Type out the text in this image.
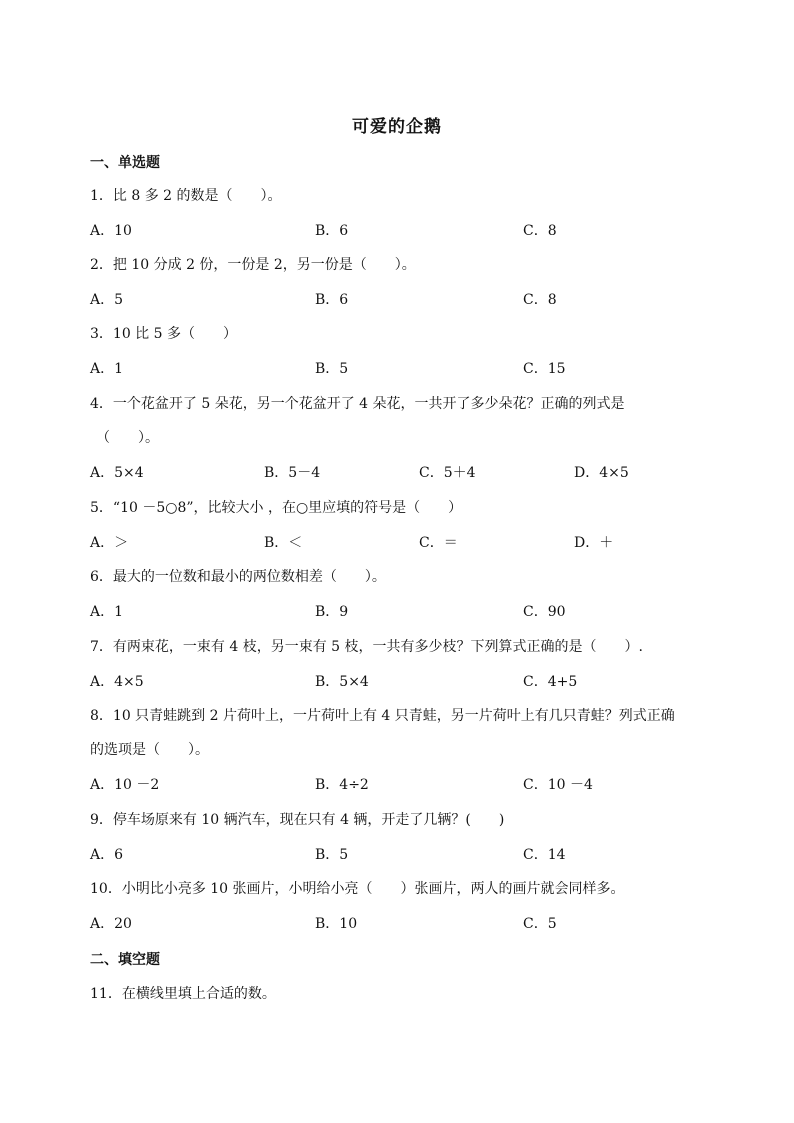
可爱的企鹅
一、单选题
1．比 8 多 2 的数是（　　）。
A．10	B．6	C．8
2．把 10 分成 2 份，一份是 2，另一份是（　　）。
A．5	B．6	C．8
3．10 比 5 多（　　）
A．1	B．5	C．15
4．一个花盆开了 5 朵花，另一个花盆开了 4 朵花，一共开了多少朵花？正确的列式是
（　　）。
A．5×4	B．5－4	C．5＋4	D．4×5
5．“10 －5○8”，比较大小 ，在○里应填的符号是（　　）
A．＞	B．＜	C．＝	D．＋
6．最大的一位数和最小的两位数相差（　　）。
A．1	B．9	C．90
7．有两束花，一束有 4 枝，另一束有 5 枝，一共有多少枝？下列算式正确的是（　　）.
A．4×5	B．5×4	C．4+5
8．10 只青蛙跳到 2 片荷叶上，一片荷叶上有 4 只青蛙，另一片荷叶上有几只青蛙？列式正确
的选项是（　　）。
A．10 －2	B．4÷2	C．10 －4
9．停车场原来有 10 辆汽车，现在只有 4 辆，开走了几辆？(　　)
A．6	B．5	C．14
10．小明比小亮多 10 张画片，小明给小亮（　　）张画片，两人的画片就会同样多。
A．20	B．10	C．5
二、填空题
11．在横线里填上合适的数。
